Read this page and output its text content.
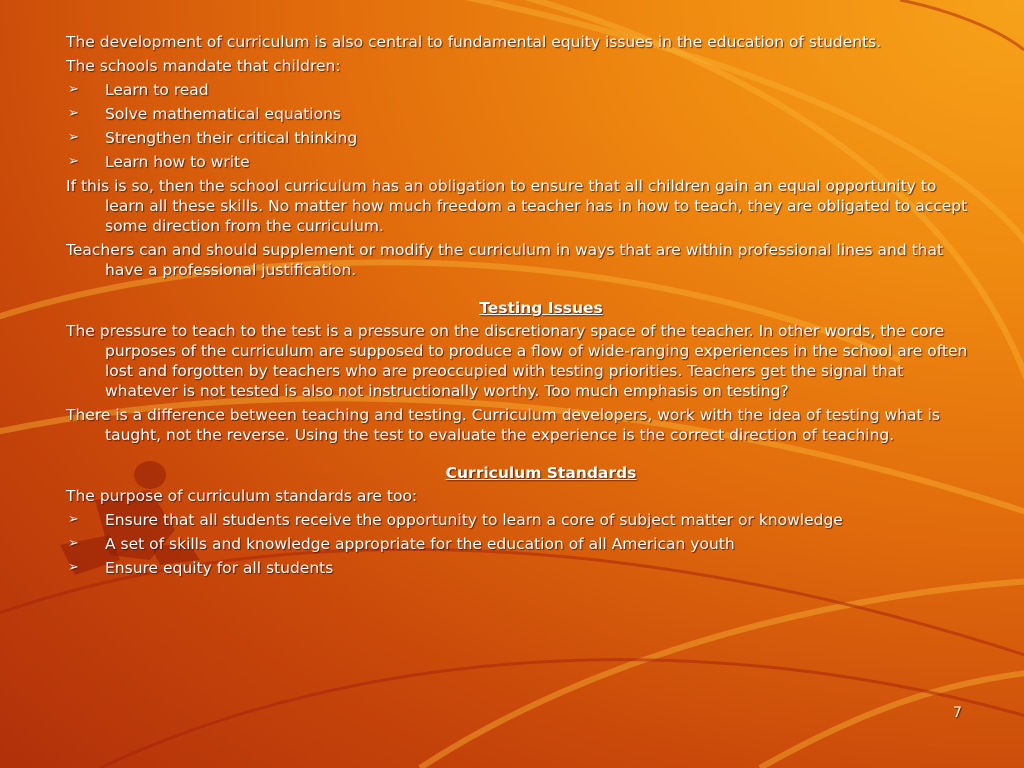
The development of curriculum is also central to fundamental equity issues in the education of students.

The schools mandate that children:

➢ Learn to read
➢ Solve mathematical equations
➢ Strengthen their critical thinking
➢ Learn how to write

If this is so, then the school curriculum has an obligation to ensure that all children gain an equal opportunity to learn all these skills. No matter how much freedom a teacher has in how to teach, they are obligated to accept some direction from the curriculum.

Teachers can and should supplement or modify the curriculum in ways that are within professional lines and that have a professional justification.

Testing Issues

The pressure to teach to the test is a pressure on the discretionary space of the teacher. In other words, the core purposes of the curriculum are supposed to produce a flow of wide-ranging experiences in the school are often lost and forgotten by teachers who are preoccupied with testing priorities. Teachers get the signal that whatever is not tested is also not instructionally worthy. Too much emphasis on testing?

There is a difference between teaching and testing. Curriculum developers, work with the idea of testing what is taught, not the reverse. Using the test to evaluate the experience is the correct direction of teaching.

Curriculum Standards

The purpose of curriculum standards are too:

➢ Ensure that all students receive the opportunity to learn a core of subject matter or knowledge
➢ A set of skills and knowledge appropriate for the education of all American youth
➢ Ensure equity for all students
7
